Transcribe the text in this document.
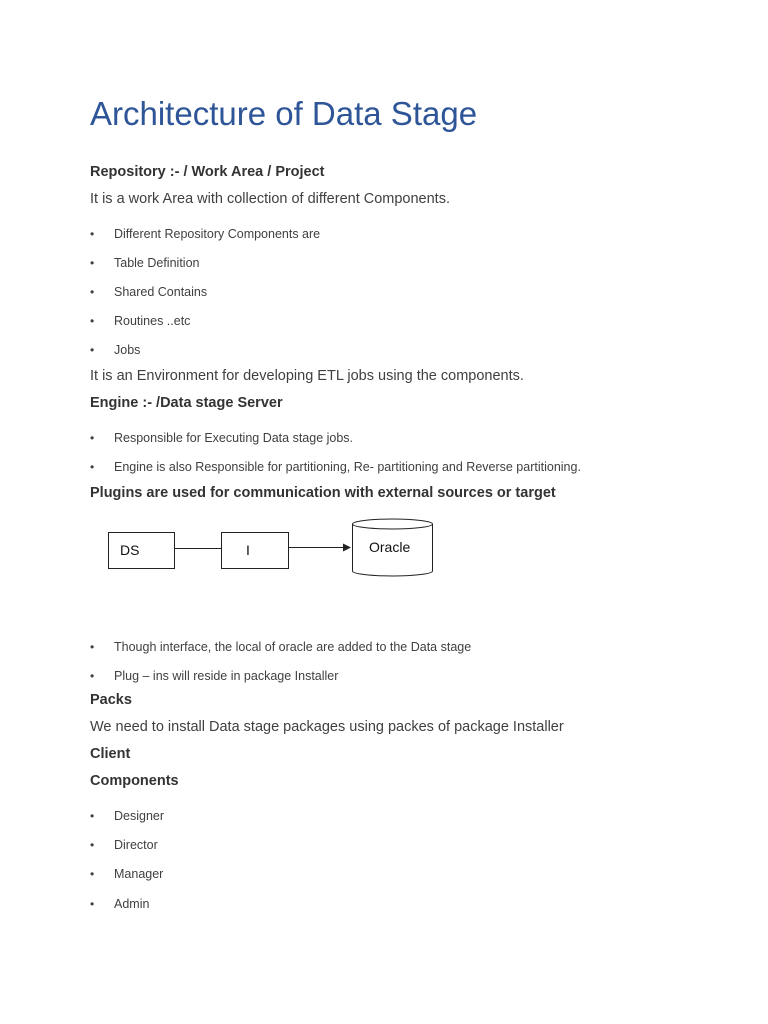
Architecture of Data Stage
Repository :- / Work Area / Project
It is a work Area with collection of different Components.
• Different Repository Components are
• Table Definition
• Shared Contains
• Routines ..etc
• Jobs
It is an Environment for developing ETL jobs using the components.
Engine :- /Data stage Server
• Responsible for Executing Data stage jobs.
• Engine is also Responsible for partitioning, Re- partitioning and Reverse partitioning.
Plugins are used for communication with external sources or target
DS	I	Oracle
• Though interface, the local of oracle are added to the Data stage
• Plug – ins will reside in package Installer
Packs
We need to install Data stage packages using packes of package Installer
Client
Components
• Designer
• Director
• Manager
• Admin
